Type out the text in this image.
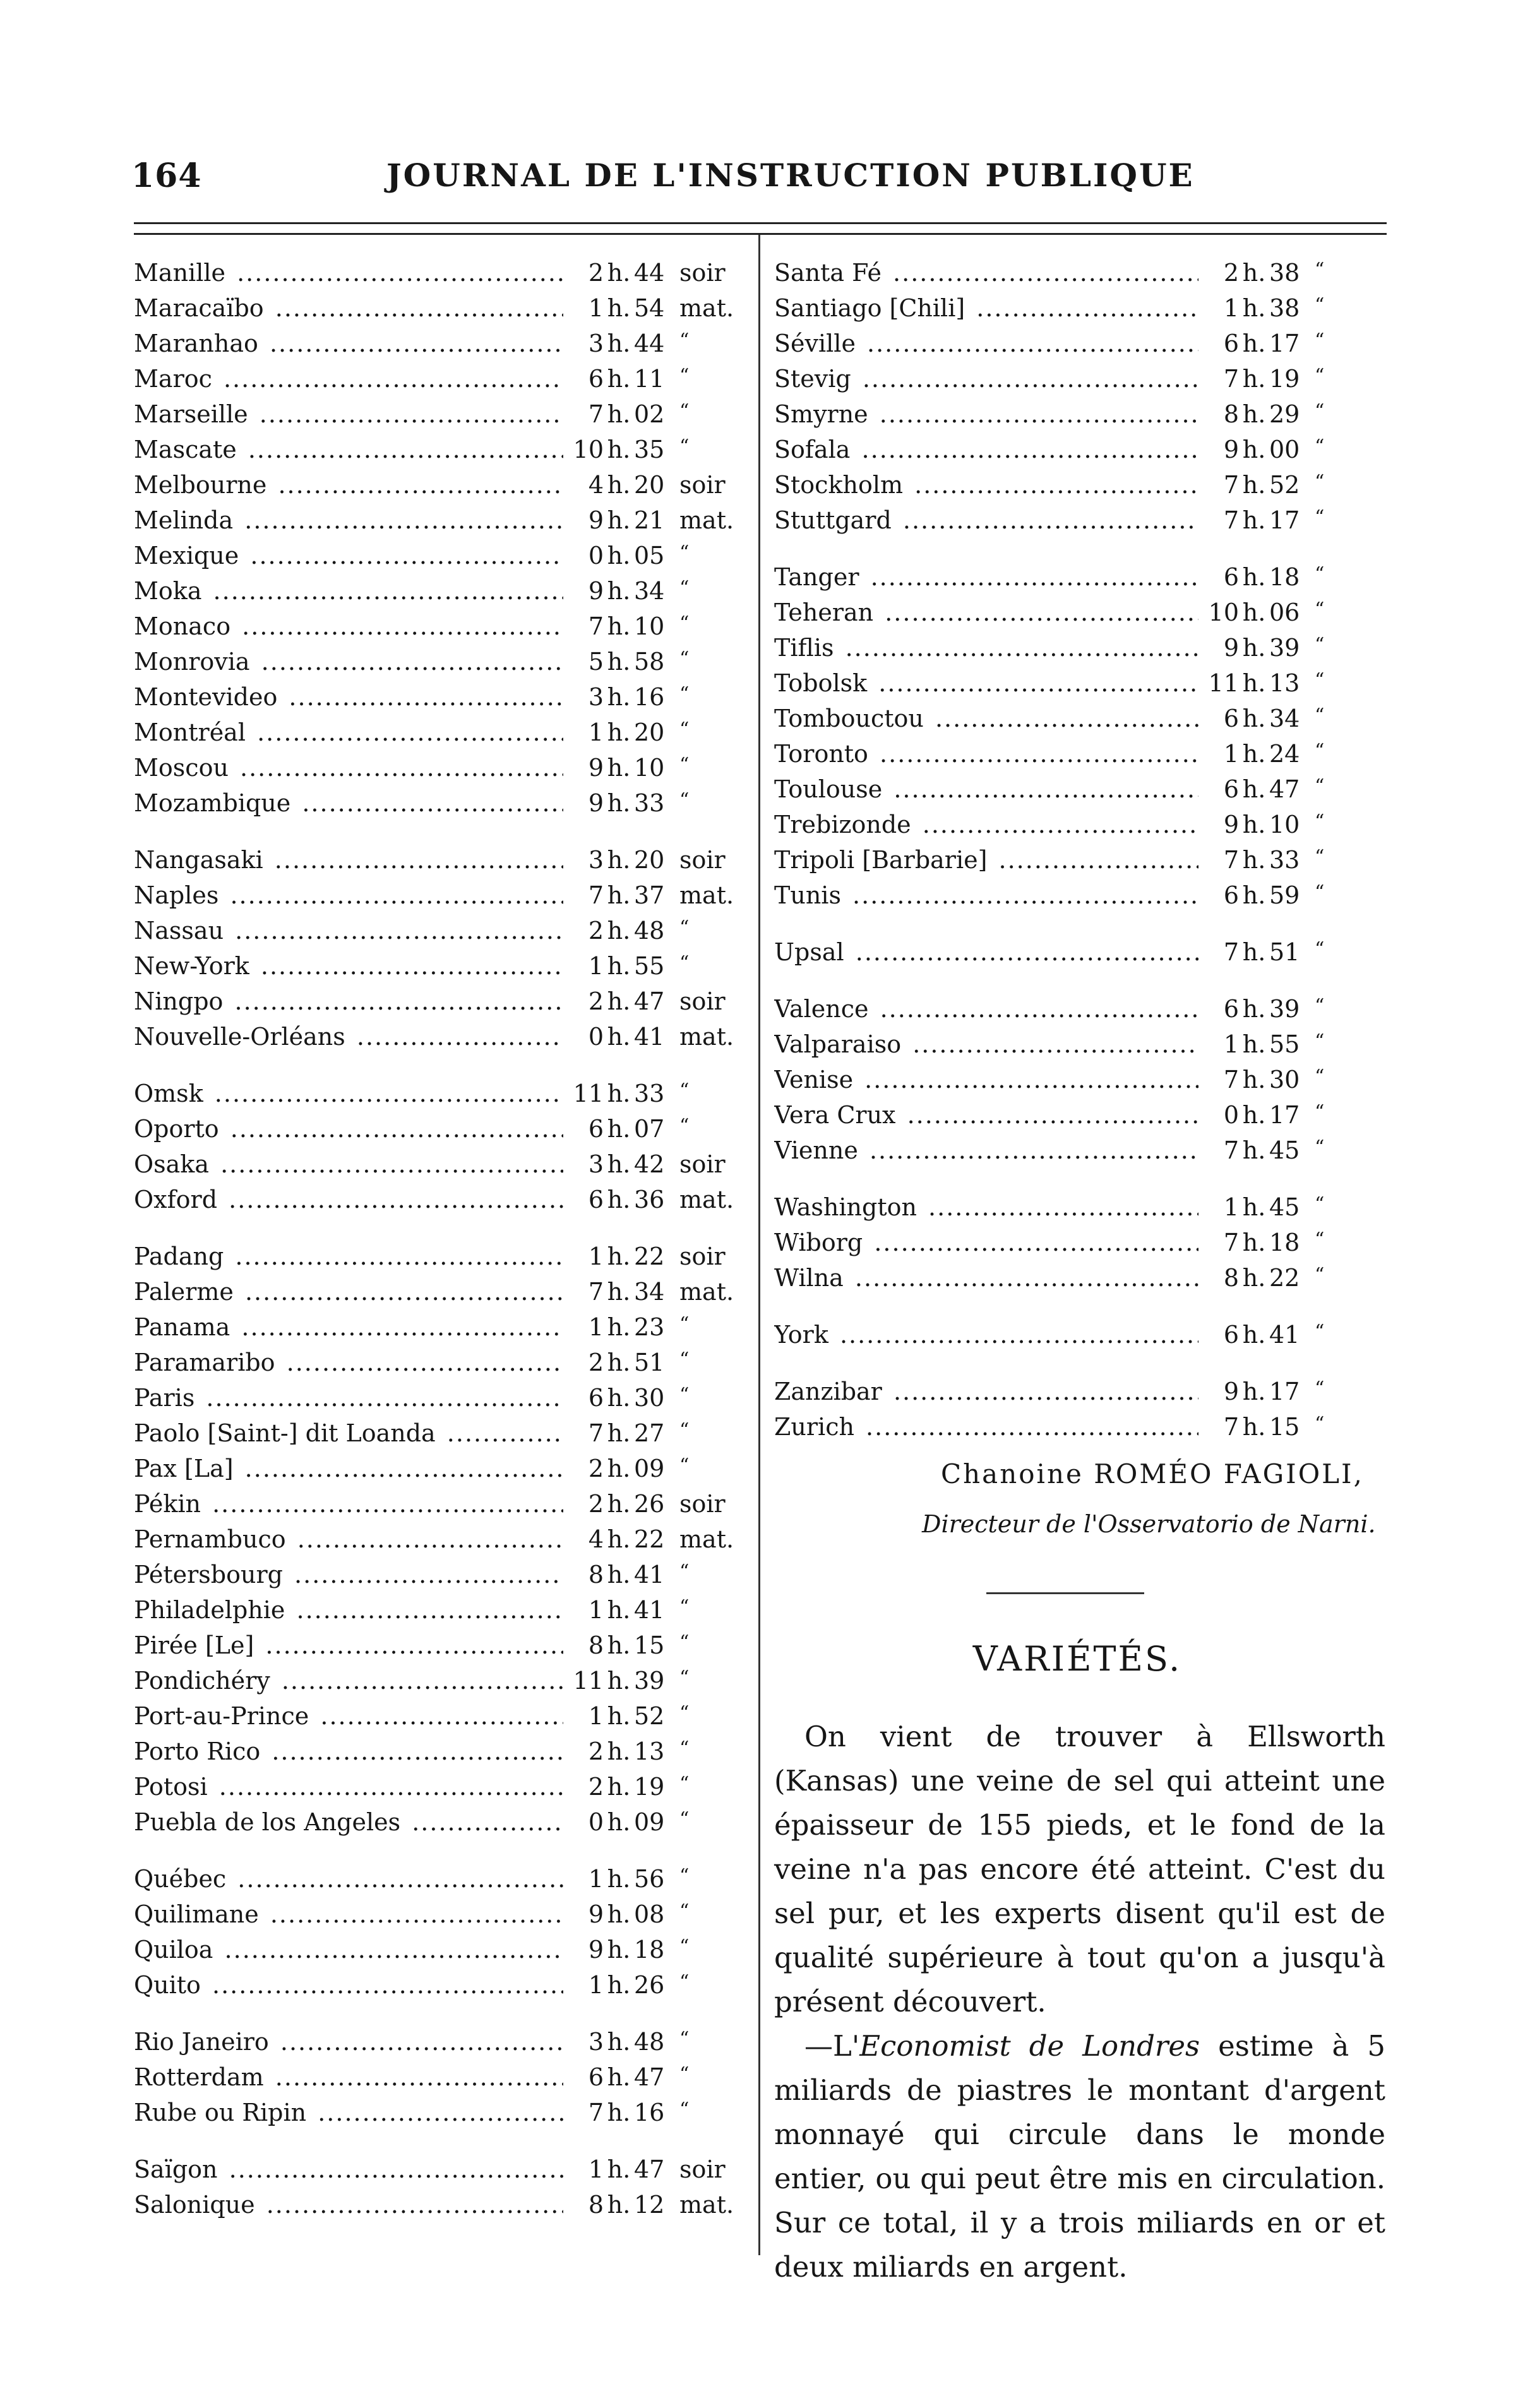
164	JOURNAL DE L'INSTRUCTION PUBLIQUE
Manille .....	2 h. 44 soir
Maracaïbo .....	1 h. 54 mat.
Maranhao .....	3 h. 44 “
Maroc .....	6 h. 11 “
Marseille .....	7 h. 02 “
Mascate .....	10 h. 35 “
Melbourne .....	4 h. 20 soir
Melinda .....	9 h. 21 mat.
Mexique .....	0 h. 05 “
Moka .....	9 h. 34 “
Monaco .....	7 h. 10 “
Monrovia .....	5 h. 58 “
Montevideo .....	3 h. 16 “
Montréal .....	1 h. 20 “
Moscou .....	9 h. 10 “
Mozambique .....	9 h. 33 “
Nangasaki .....	3 h. 20 soir
Naples .....	7 h. 37 mat.
Nassau .....	2 h. 48 “
New-York .....	1 h. 55 “
Ningpo .....	2 h. 47 soir
Nouvelle-Orléans .....	0 h. 41 mat.
Omsk .....	11 h. 33 “
Oporto .....	6 h. 07 “
Osaka .....	3 h. 42 soir
Oxford .....	6 h. 36 mat.
Padang .....	1 h. 22 soir
Palerme .....	7 h. 34 mat.
Panama .....	1 h. 23 “
Paramaribo .....	2 h. 51 “
Paris .....	6 h. 30 “
Paolo [Saint-] dit Loanda .....	7 h. 27 “
Pax [La] .....	2 h. 09 “
Pékin .....	2 h. 26 soir
Pernambuco .....	4 h. 22 mat.
Pétersbourg .....	8 h. 41 “
Philadelphie .....	1 h. 41 “
Pirée [Le] .....	8 h. 15 “
Pondichéry .....	11 h. 39 “
Port-au-Prince .....	1 h. 52 “
Porto Rico .....	2 h. 13 “
Potosi .....	2 h. 19 “
Puebla de los Angeles .....	0 h. 09 “
Québec .....	1 h. 56 “
Quilimane .....	9 h. 08 “
Quiloa .....	9 h. 18 “
Quito .....	1 h. 26 “
Rio Janeiro .....	3 h. 48 “
Rotterdam .....	6 h. 47 “
Rube ou Ripin .....	7 h. 16 “
Saïgon .....	1 h. 47 soir
Salonique .....	8 h. 12 mat.
Santa Fé .....	2 h. 38 “
Santiago [Chili] .....	1 h. 38 “
Séville .....	6 h. 17 “
Stevig .....	7 h. 19 “
Smyrne .....	8 h. 29 “
Sofala .....	9 h. 00 “
Stockholm .....	7 h. 52 “
Stuttgard .....	7 h. 17 “
Tanger .....	6 h. 18 “
Teheran .....	10 h. 06 “
Tiflis .....	9 h. 39 “
Tobolsk .....	11 h. 13 “
Tombouctou .....	6 h. 34 “
Toronto .....	1 h. 24 “
Toulouse .....	6 h. 47 “
Trebizonde .....	9 h. 10 “
Tripoli [Barbarie] .....	7 h. 33 “
Tunis .....	6 h. 59 “
Upsal .....	7 h. 51 “
Valence .....	6 h. 39 “
Valparaiso .....	1 h. 55 “
Venise .....	7 h. 30 “
Vera Crux .....	0 h. 17 “
Vienne .....	7 h. 45 “
Washington .....	1 h. 45 “
Wiborg .....	7 h. 18 “
Wilna .....	8 h. 22 “
York .....	6 h. 41 “
Zanzibar .....	9 h. 17 “
Zurich .....	7 h. 15 “
Chanoine ROMÉO FAGIOLI,
Directeur de l'Osservatorio de Narni.
VARIÉTÉS.

On vient de trouver à Ellsworth (Kansas) une veine de sel qui atteint une épaisseur de 155 pieds, et le fond de la veine n'a pas encore été atteint. C'est du sel pur, et les experts disent qu'il est de qualité supérieure à tout qu'on a jusqu'à présent découvert.

—L'Economist de Londres estime à 5 miliards de piastres le montant d'argent monnayé qui circule dans le monde entier, ou qui peut être mis en circulation. Sur ce total, il y a trois miliards en or et deux miliards en argent.
